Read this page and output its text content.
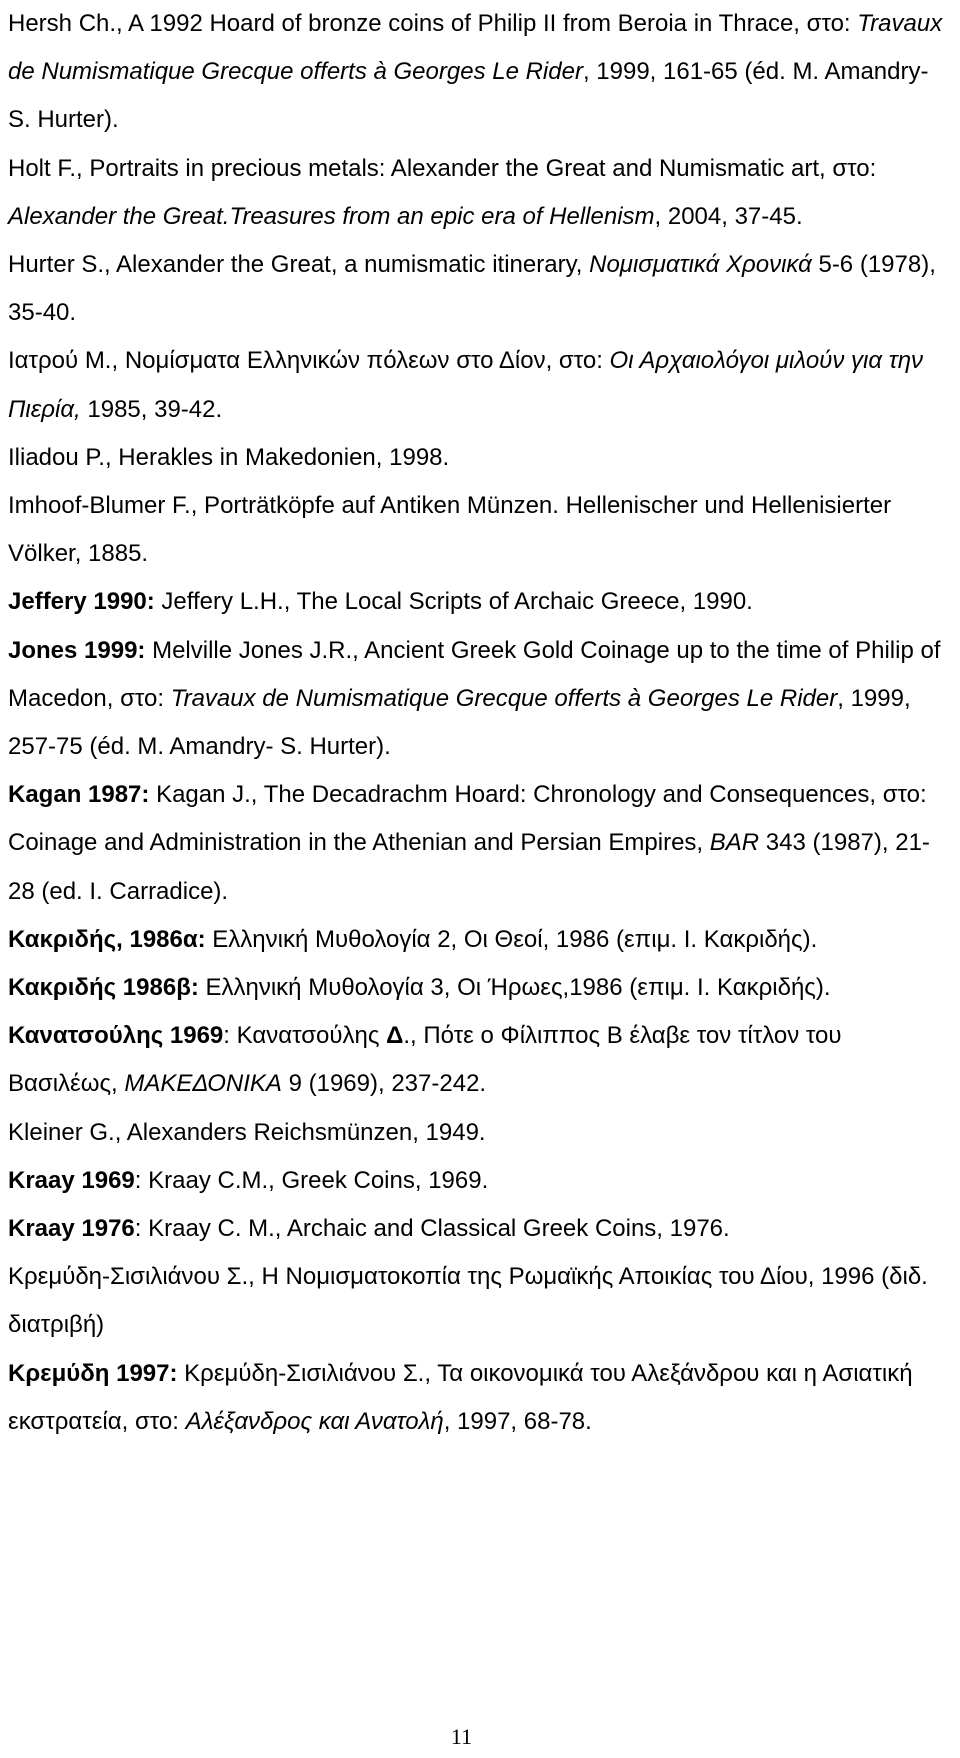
Hersh Ch., A 1992 Hoard of bronze coins of Philip II from Beroia in Thrace, στο: Travaux de Numismatique Grecque offerts à Georges Le Rider, 1999, 161-65 (éd. M. Amandry- S. Hurter).
Holt F., Portraits in precious metals: Alexander the Great and Numismatic art, στο: Alexander the Great.Treasures from an epic era of Hellenism, 2004, 37-45.
Hurter S., Alexander the Great, a numismatic itinerary, Νομισματικά Χρονικά 5-6 (1978), 35-40.
Ιατρού Μ., Νομίσματα Ελληνικών πόλεων στο Δίον, στο: Οι Αρχαιολόγοι μιλούν για την Πιερία, 1985, 39-42.
Iliadou P., Herakles in Makedonien, 1998.
Imhoof-Blumer F., Porträtköpfe auf Antiken Münzen. Hellenischer und Hellenisierter Völker, 1885.
Jeffery 1990: Jeffery L.H., The Local Scripts of Archaic Greece, 1990.
Jones 1999: Melville Jones J.R., Ancient Greek Gold Coinage up to the time of Philip of Macedon, στο: Travaux de Numismatique Grecque offerts à Georges Le Rider, 1999, 257-75 (éd. M. Amandry- S. Hurter).
Kagan 1987: Kagan J., The Decadrachm Hoard: Chronology and Consequences, στο: Coinage and Administration in the Athenian and Persian Empires, BAR 343 (1987), 21-28 (ed. I. Carradice).
Κακριδής, 1986α: Ελληνική Μυθολογία 2, Οι Θεοί, 1986 (επιμ. Ι. Κακριδής).
Κακριδής 1986β: Ελληνική Μυθολογία 3, Οι Ήρωες,1986 (επιμ. Ι. Κακριδής).
Κανατσούλης 1969: Κανατσούλης Δ., Πότε ο Φίλιππος Β έλαβε τον τίτλον του Βασιλέως, ΜΑΚΕΔΟΝΙΚΑ 9 (1969), 237-242.
Kleiner G., Alexanders Reichsmünzen, 1949.
Kraay 1969: Kraay C.M., Greek Coins, 1969.
Kraay 1976: Kraay C. M., Archaic and Classical Greek Coins, 1976.
Κρεμύδη-Σισιλιάνου Σ., Η Νομισματοκοπία της Ρωμαϊκής Αποικίας του Δίου, 1996 (διδ. διατριβή)
Κρεμύδη 1997: Κρεμύδη-Σισιλιάνου Σ., Τα οικονομικά του Αλεξάνδρου και η Ασιατική εκστρατεία, στο: Αλέξανδρος και Ανατολή, 1997, 68-78.
11
